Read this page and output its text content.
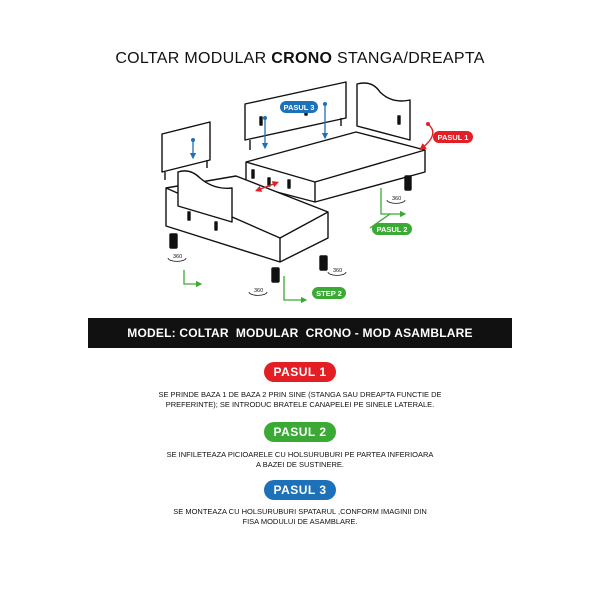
COLTAR MODULAR CRONO STANGA/DREAPTA
PASUL 3
PASUL 1
PASUL 2
STEP 2
360
360
360
360
MODEL: COLTAR  MODULAR  CRONO - MOD ASAMBLARE
PASUL 1
SE PRINDE BAZA 1 DE BAZA 2 PRIN SINE (STANGA SAU DREAPTA FUNCTIE DE
PREFERINTE); SE INTRODUC BRATELE CANAPELEI PE SINELE LATERALE.
PASUL 2
SE INFILETEAZA PICIOARELE CU HOLSURUBURI PE PARTEA INFERIOARA
A BAZEI DE SUSTINERE.
PASUL 3
SE MONTEAZA CU HOLSURUBURI SPATARUL ,CONFORM IMAGINII DIN
FISA MODULUI DE ASAMBLARE.
